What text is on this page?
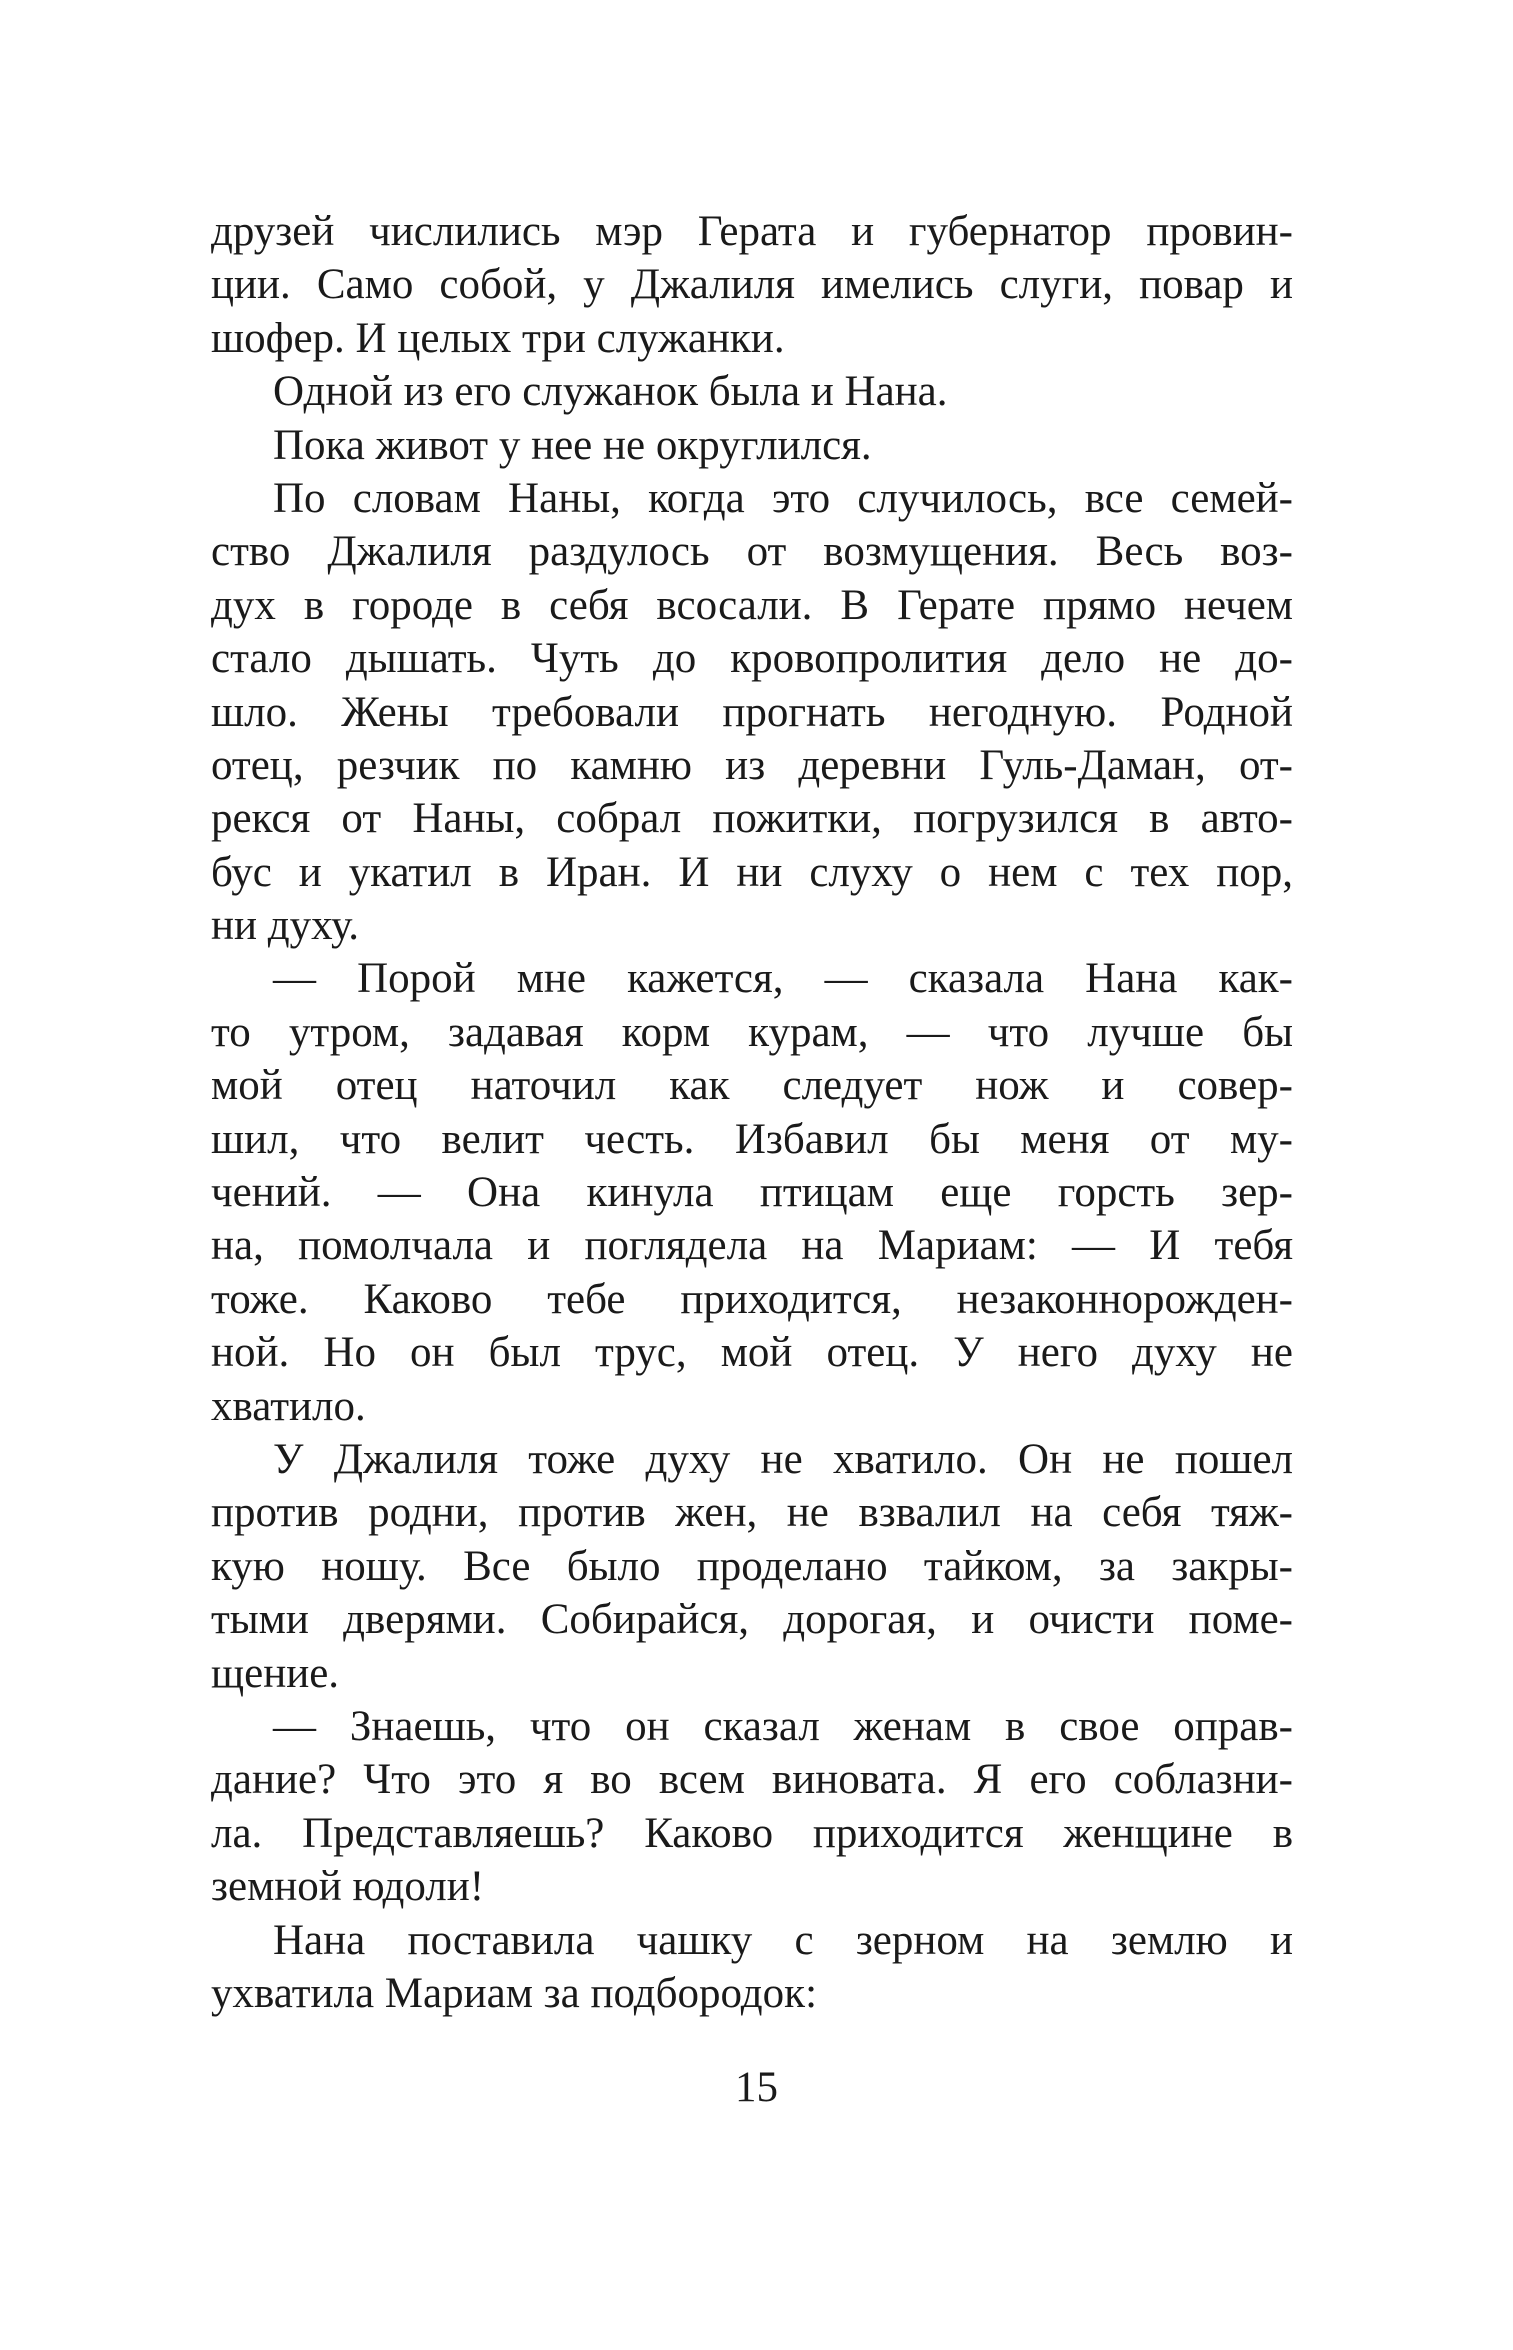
друзей числились мэр Герата и губернатор провин-
ции. Само собой, у Джалиля имелись слуги, повар и
шофер. И целых три служанки.
Одной из его служанок была и Нана.
Пока живот у нее не округлился.
По словам Наны, когда это случилось, все семей-
ство Джалиля раздулось от возмущения. Весь воз-
дух в городе в себя всосали. В Герате прямо нечем
стало дышать. Чуть до кровопролития дело не до-
шло. Жены требовали прогнать негодную. Родной
отец, резчик по камню из деревни Гуль-Даман, от-
рекся от Наны, собрал пожитки, погрузился в авто-
бус и укатил в Иран. И ни слуху о нем с тех пор,
ни духу.
— Порой мне кажется, — сказала Нана как-
то утром, задавая корм курам, — что лучше бы
мой отец наточил как следует нож и совер-
шил, что велит честь. Избавил бы меня от му-
чений. — Она кинула птицам еще горсть зер-
на, помолчала и поглядела на Мариам: — И тебя
тоже. Каково тебе приходится, незаконнорожден-
ной. Но он был трус, мой отец. У него духу не
хватило.
У Джалиля тоже духу не хватило. Он не пошел
против родни, против жен, не взвалил на себя тяж-
кую ношу. Все было проделано тайком, за закры-
тыми дверями. Собирайся, дорогая, и очисти поме-
щение.
— Знаешь, что он сказал женам в свое оправ-
дание? Что это я во всем виновата. Я его соблазни-
ла. Представляешь? Каково приходится женщине в
земной юдоли!
Нана поставила чашку с зерном на землю и
ухватила Мариам за подбородок:
15
